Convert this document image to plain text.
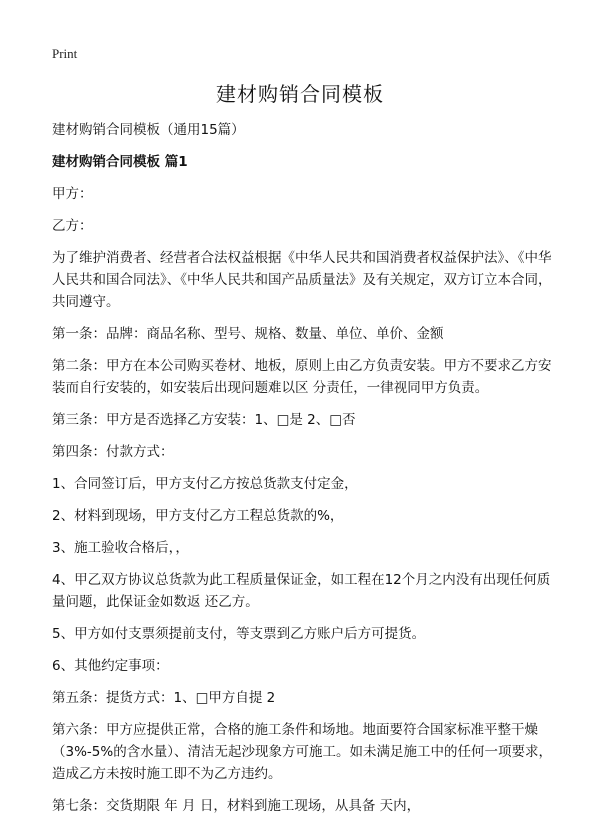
Print
建材购销合同模板

建材购销合同模板（通用15篇）

建材购销合同模板 篇1

甲方：

乙方：

为了维护消费者、经营者合法权益根据《中华人民共和国消费者权益保护法》、《中华人民共和国合同法》、《中华人民共和国产品质量法》及有关规定，双方订立本合同，共同遵守。

第一条：品牌：商品名称、型号、规格、数量、单位、单价、金额

第二条：甲方在本公司购买卷材、地板，原则上由乙方负责安装。甲方不要求乙方安装而自行安装的，如安装后出现问题难以区 分责任，一律视同甲方负责。

第三条：甲方是否选择乙方安装：1、□是 2、□否

第四条：付款方式：

1、合同签订后，甲方支付乙方按总货款支付定金，

2、材料到现场，甲方支付乙方工程总货款的%，

3、施工验收合格后，，

4、甲乙双方协议总货款为此工程质量保证金，如工程在12个月之内没有出现任何质量问题，此保证金如数返 还乙方。

5、甲方如付支票须提前支付，等支票到乙方账户后方可提货。

6、其他约定事项：

第五条：提货方式：1、□甲方自提 2

第六条：甲方应提供正常，合格的施工条件和场地。地面要符合国家标准平整干燥（3%-5%的含水量）、清洁无起沙现象方可施工。如未满足施工中的任何一项要求，造成乙方未按时施工即不为乙方违约。

第七条：交货期限 年 月 日，材料到施工现场，从具备 天内，
